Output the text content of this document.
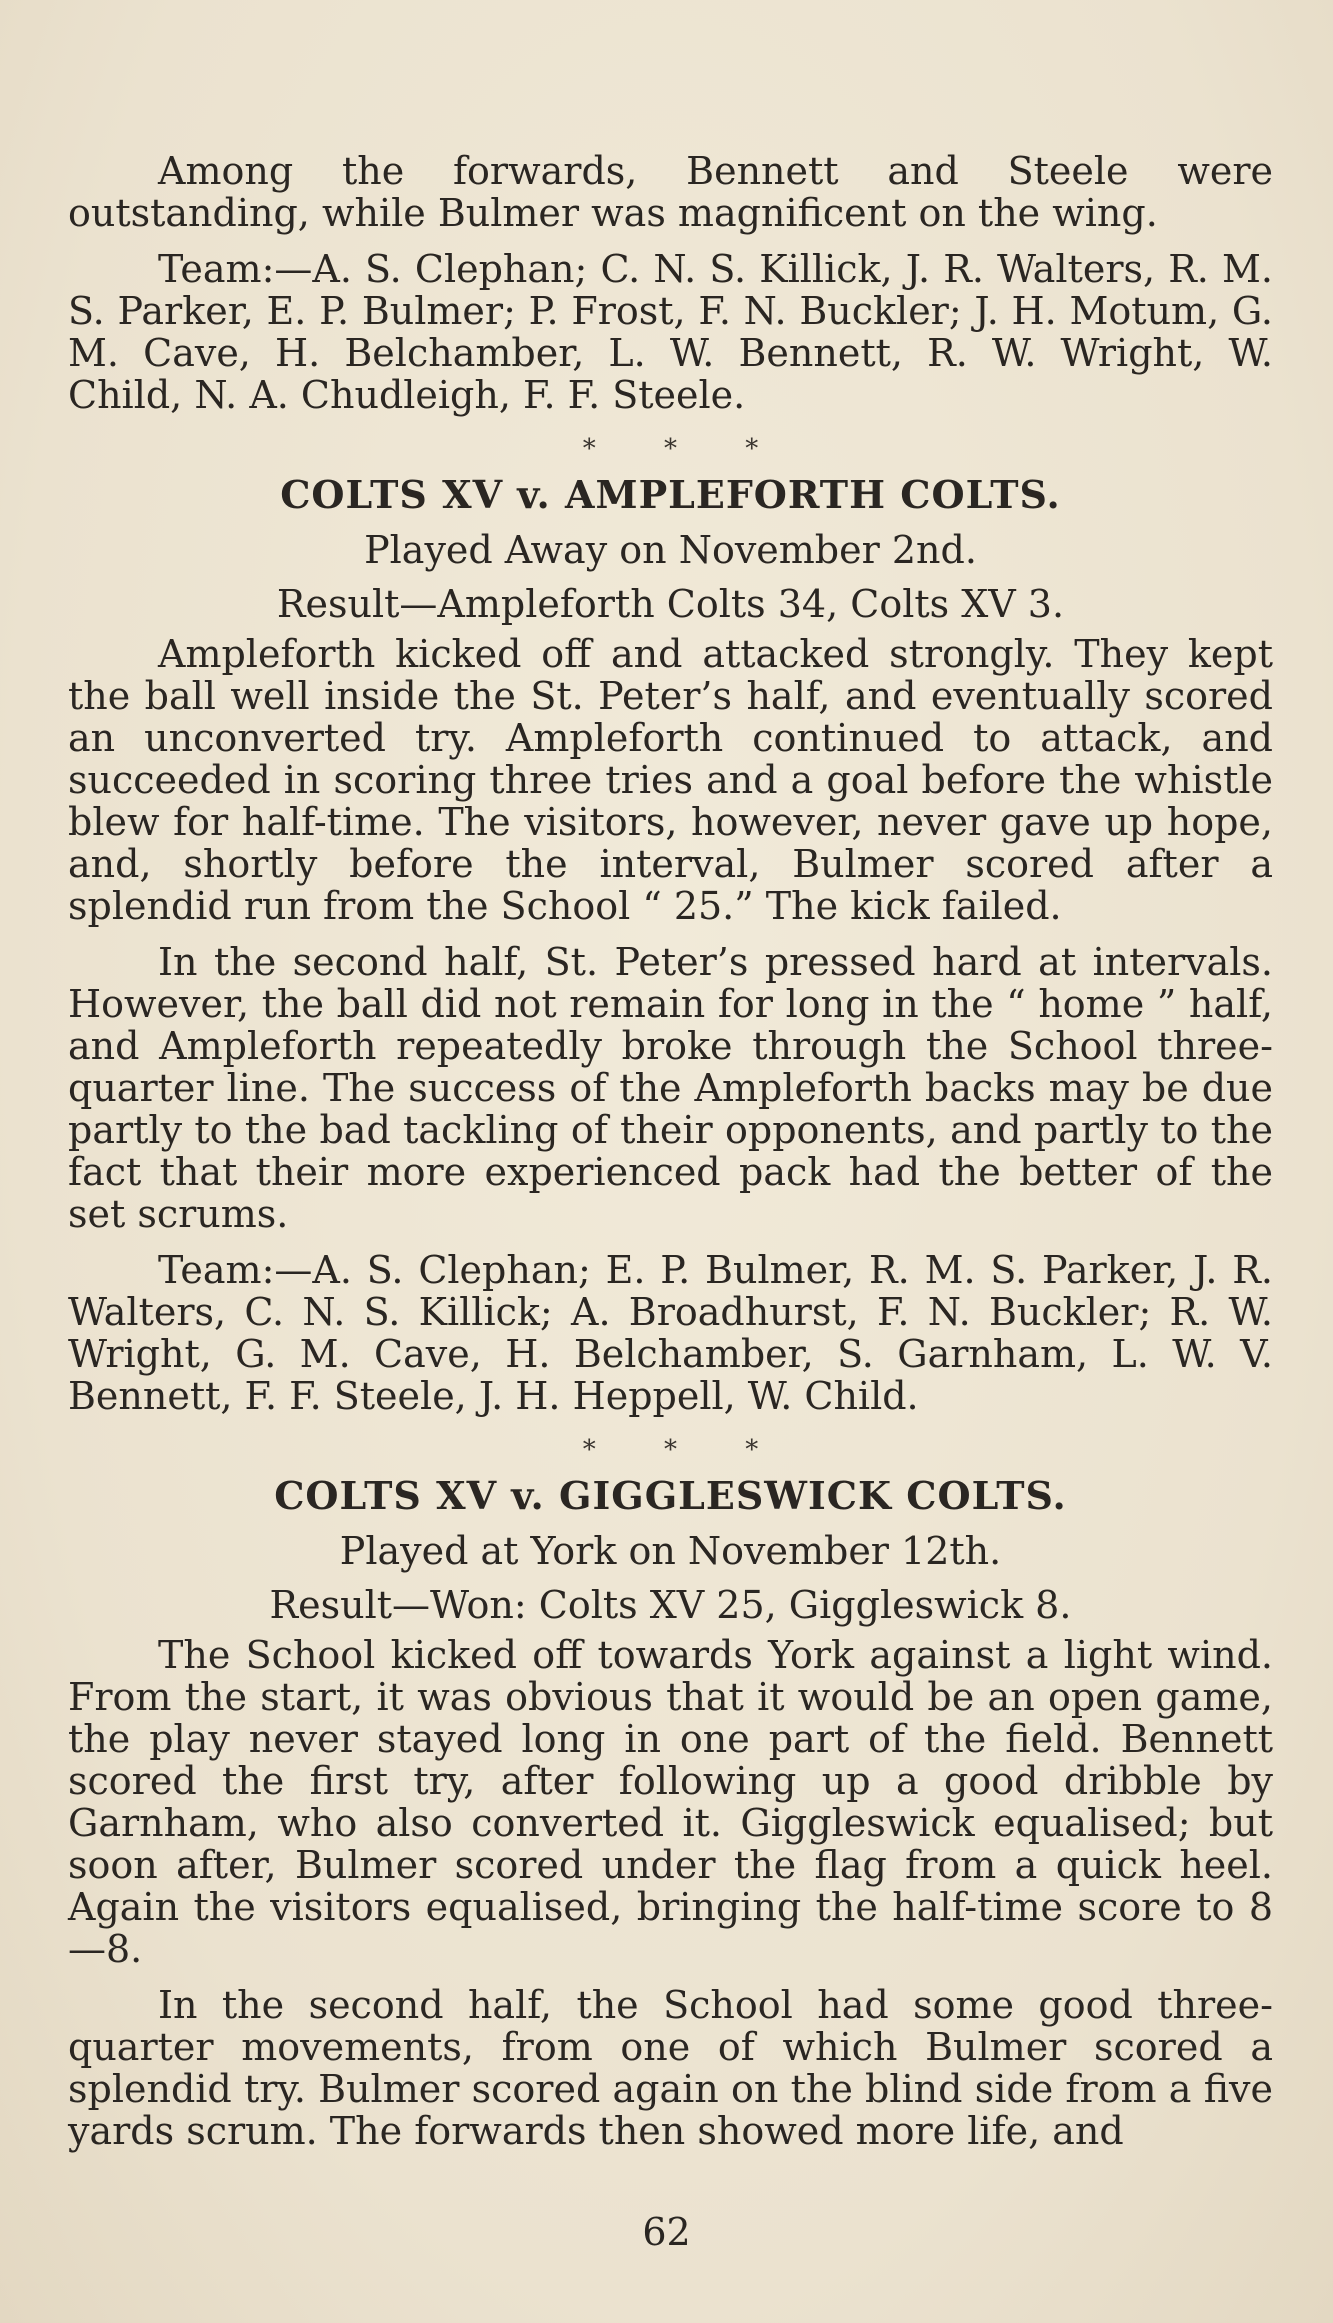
Among the forwards, Bennett and Steele were outstanding, while Bulmer was magnificent on the wing.

Team:—A. S. Clephan; C. N. S. Killick, J. R. Walters, R. M. S. Parker, E. P. Bulmer; P. Frost, F. N. Buckler; J. H. Motum, G. M. Cave, H. Belchamber, L. W. Bennett, R. W. Wright, W. Child, N. A. Chudleigh, F. F. Steele.

* * *
COLTS XV v. AMPLEFORTH COLTS.
Played Away on November 2nd.
Result—Ampleforth Colts 34, Colts XV 3.

Ampleforth kicked off and attacked strongly. They kept the ball well inside the St. Peter’s half, and eventually scored an unconverted try. Ampleforth continued to attack, and succeeded in scoring three tries and a goal before the whistle blew for half-time. The visitors, however, never gave up hope, and, shortly before the interval, Bulmer scored after a splendid run from the School “ 25.” The kick failed.

In the second half, St. Peter’s pressed hard at intervals. However, the ball did not remain for long in the “ home ” half, and Ampleforth repeatedly broke through the School three-quarter line. The success of the Ampleforth backs may be due partly to the bad tackling of their opponents, and partly to the fact that their more experienced pack had the better of the set scrums.

Team:—A. S. Clephan; E. P. Bulmer, R. M. S. Parker, J. R. Walters, C. N. S. Killick; A. Broadhurst, F. N. Buckler; R. W. Wright, G. M. Cave, H. Belchamber, S. Garnham, L. W. V. Bennett, F. F. Steele, J. H. Heppell, W. Child.

* * *
COLTS XV v. GIGGLESWICK COLTS.
Played at York on November 12th.
Result—Won: Colts XV 25, Giggleswick 8.

The School kicked off towards York against a light wind. From the start, it was obvious that it would be an open game, the play never stayed long in one part of the field. Bennett scored the first try, after following up a good dribble by Garnham, who also converted it. Giggleswick equalised; but soon after, Bulmer scored under the flag from a quick heel. Again the visitors equalised, bringing the half-time score to 8—8.

In the second half, the School had some good three-quarter movements, from one of which Bulmer scored a splendid try. Bulmer scored again on the blind side from a five yards scrum. The forwards then showed more life, and

62
